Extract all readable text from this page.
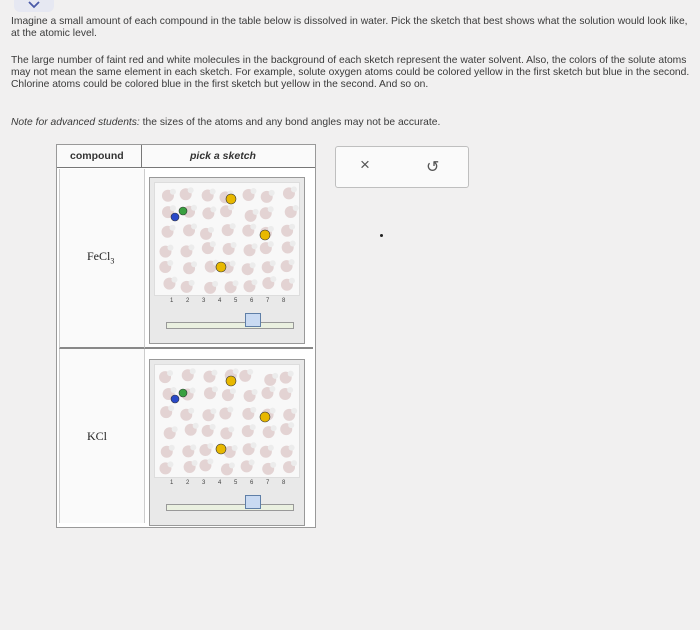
Imagine a small amount of each compound in the table below is dissolved in water. Pick the sketch that best shows what the solution would look like, at the atomic level.
The large number of faint red and white molecules in the background of each sketch represent the water solvent. Also, the colors of the solute atoms may not mean the same element in each sketch. For example, solute oxygen atoms could be colored yellow in the first sketch but blue in the second. Chlorine atoms could be colored blue in the first sketch but yellow in the second. And so on.
Note for advanced students: the sizes of the atoms and any bond angles may not be accurate.
compound	pick a sketch
FeCl$_3$
1 2 3 4 5 6 7 8
KCl
1 2 3 4 5 6 7 8
×	↺
